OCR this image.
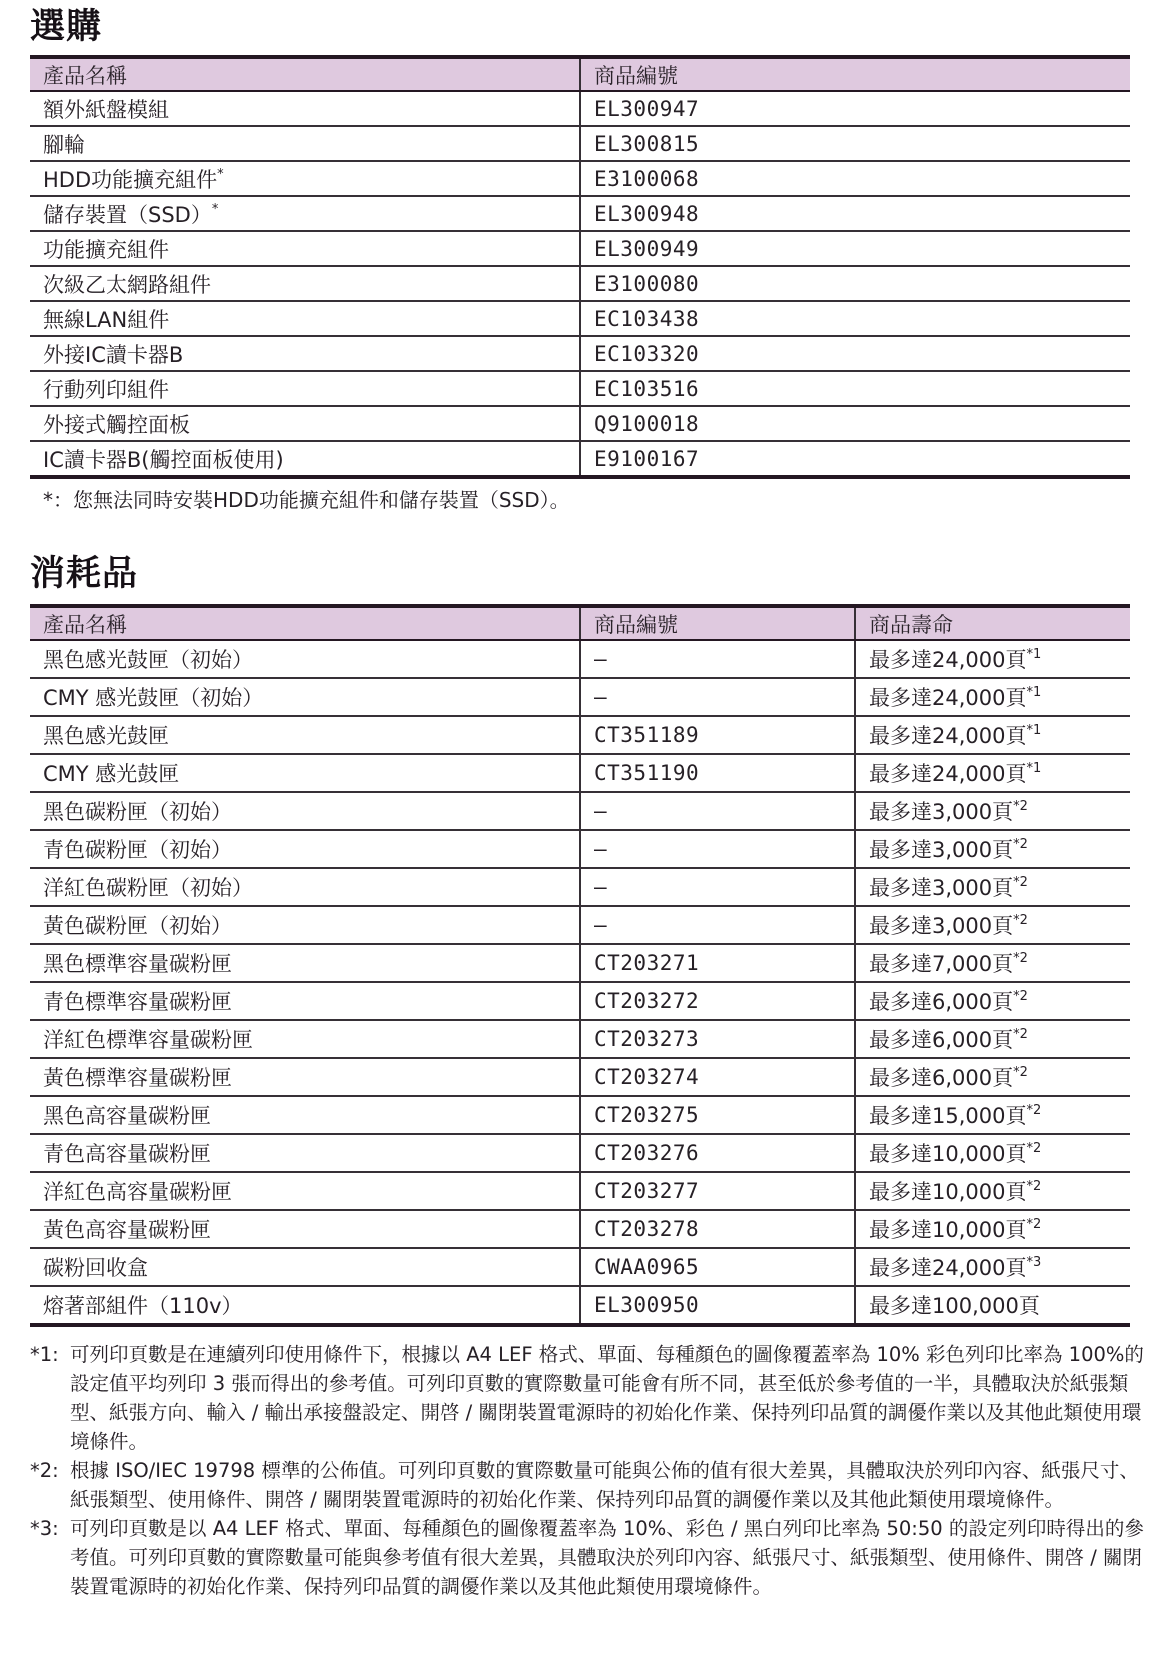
選購
產品名稱	商品編號
額外紙盤模組	EL300947
腳輪	EL300815
HDD功能擴充組件*	E3100068
儲存裝置（SSD）*	EL300948
功能擴充組件	EL300949
次級乙太網路組件	E3100080
無線LAN組件	EC103438
外接IC讀卡器B	EC103320
行動列印組件	EC103516
外接式觸控面板	Q9100018
IC讀卡器B(觸控面板使用)	E9100167

*：您無法同時安裝HDD功能擴充組件和儲存裝置（SSD）。

消耗品
產品名稱	商品編號	商品壽命
黑色感光鼓匣（初始）	–	最多達24,000頁$^{*1}$
CMY 感光鼓匣（初始）	–	最多達24,000頁$^{*1}$
黑色感光鼓匣	CT351189	最多達24,000頁$^{*1}$
CMY 感光鼓匣	CT351190	最多達24,000頁$^{*1}$
黑色碳粉匣（初始）	–	最多達3,000頁$^{*2}$
青色碳粉匣（初始）	–	最多達3,000頁$^{*2}$
洋紅色碳粉匣（初始）	–	最多達3,000頁$^{*2}$
黃色碳粉匣（初始）	–	最多達3,000頁$^{*2}$
黑色標準容量碳粉匣	CT203271	最多達7,000頁$^{*2}$
青色標準容量碳粉匣	CT203272	最多達6,000頁$^{*2}$
洋紅色標準容量碳粉匣	CT203273	最多達6,000頁$^{*2}$
黃色標準容量碳粉匣	CT203274	最多達6,000頁$^{*2}$
黑色高容量碳粉匣	CT203275	最多達15,000頁$^{*2}$
青色高容量碳粉匣	CT203276	最多達10,000頁$^{*2}$
洋紅色高容量碳粉匣	CT203277	最多達10,000頁$^{*2}$
黃色高容量碳粉匣	CT203278	最多達10,000頁$^{*2}$
碳粉回收盒	CWAA0965	最多達24,000頁$^{*3}$
熔著部組件（110v）	EL300950	最多達100,000頁
*1: 可列印頁數是在連續列印使用條件下，根據以 A4 LEF 格式、單面、每種顏色的圖像覆蓋率為 10% 彩色列印比率為 100%的設定值平均列印 3 張而得出的參考值。可列印頁數的實際數量可能會有所不同，甚至低於參考值的一半，具體取決於紙張類型、紙張方向、輸入 / 輸出承接盤設定、開啓 / 關閉裝置電源時的初始化作業、保持列印品質的調優作業以及其他此類使用環境條件。
*2: 根據 ISO/IEC 19798 標準的公佈值。可列印頁數的實際數量可能與公佈的值有很大差異，具體取決於列印內容、紙張尺寸、紙張類型、使用條件、開啓 / 關閉裝置電源時的初始化作業、保持列印品質的調優作業以及其他此類使用環境條件。
*3: 可列印頁數是以 A4 LEF 格式、單面、每種顏色的圖像覆蓋率為 10%、彩色 / 黑白列印比率為 50:50 的設定列印時得出的參考值。可列印頁數的實際數量可能與參考值有很大差異，具體取決於列印內容、紙張尺寸、紙張類型、使用條件、開啓 / 關閉裝置電源時的初始化作業、保持列印品質的調優作業以及其他此類使用環境條件。
